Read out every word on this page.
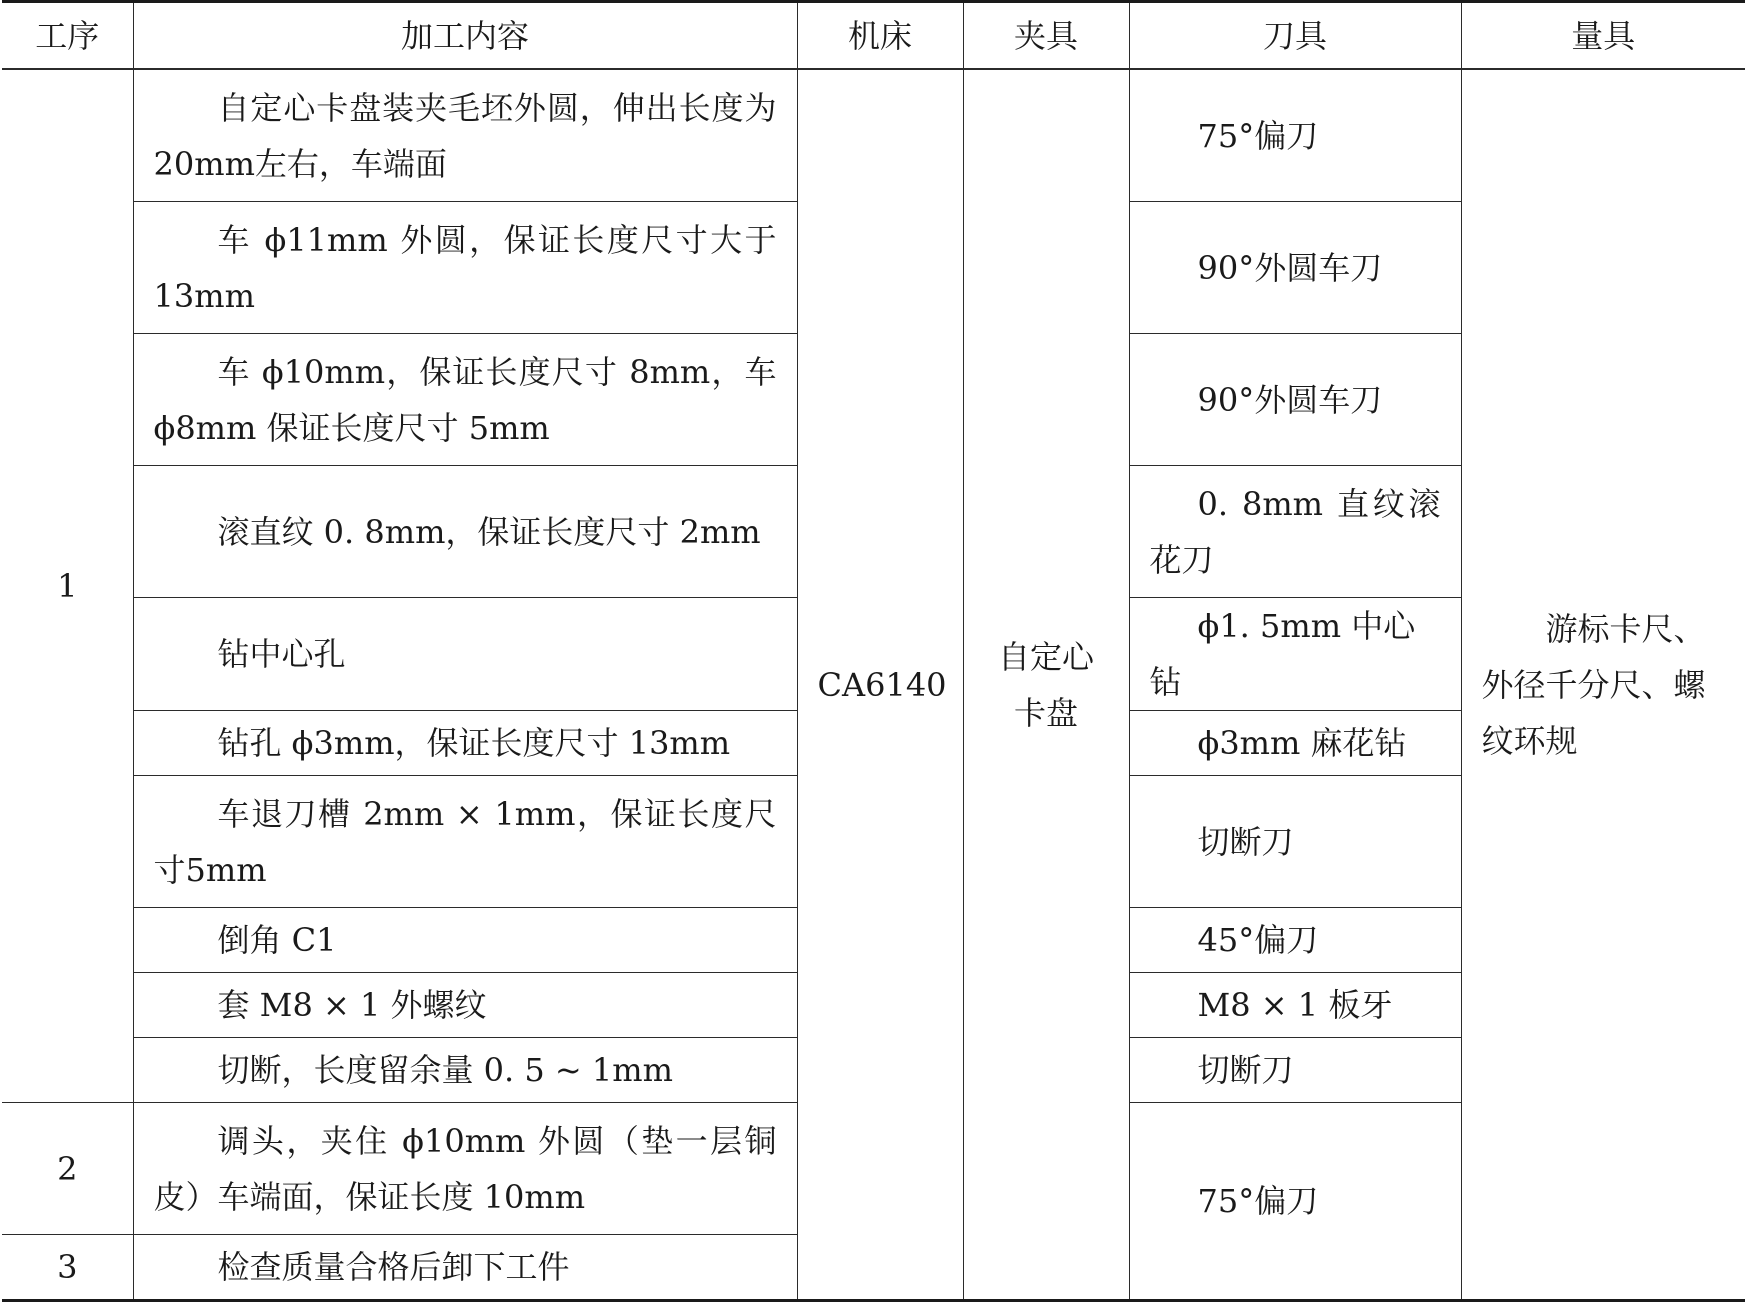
工序	加工内容	机床	夹具	刀具	量具
1	自定心卡盘装夹毛坯外圆，伸出长度为20mm左右，车端面	CA6140	自定心卡盘	75°偏刀	游标卡尺、外径千分尺、螺纹环规
	车 ϕ11mm 外圆，保证长度尺寸大于13mm			90°外圆车刀	
	车 ϕ10mm，保证长度尺寸 8mm，车ϕ8mm 保证长度尺寸 5mm			90°外圆车刀	
	滚直纹 0. 8mm，保证长度尺寸 2mm			0. 8mm 直纹滚花刀	
	钻中心孔			ϕ1. 5mm 中心钻	
	钻孔 ϕ3mm，保证长度尺寸 13mm			ϕ3mm 麻花钻	
	车退刀槽 2mm × 1mm，保证长度尺寸5mm			切断刀	
	倒角 C1			45°偏刀	
	套 M8 × 1 外螺纹			M8 × 1 板牙	
	切断，长度留余量 0. 5 ~ 1mm			切断刀	
2	调头，夹住 ϕ10mm 外圆（垫一层铜皮）车端面，保证长度 10mm			75°偏刀	
3	检查质量合格后卸下工件				
